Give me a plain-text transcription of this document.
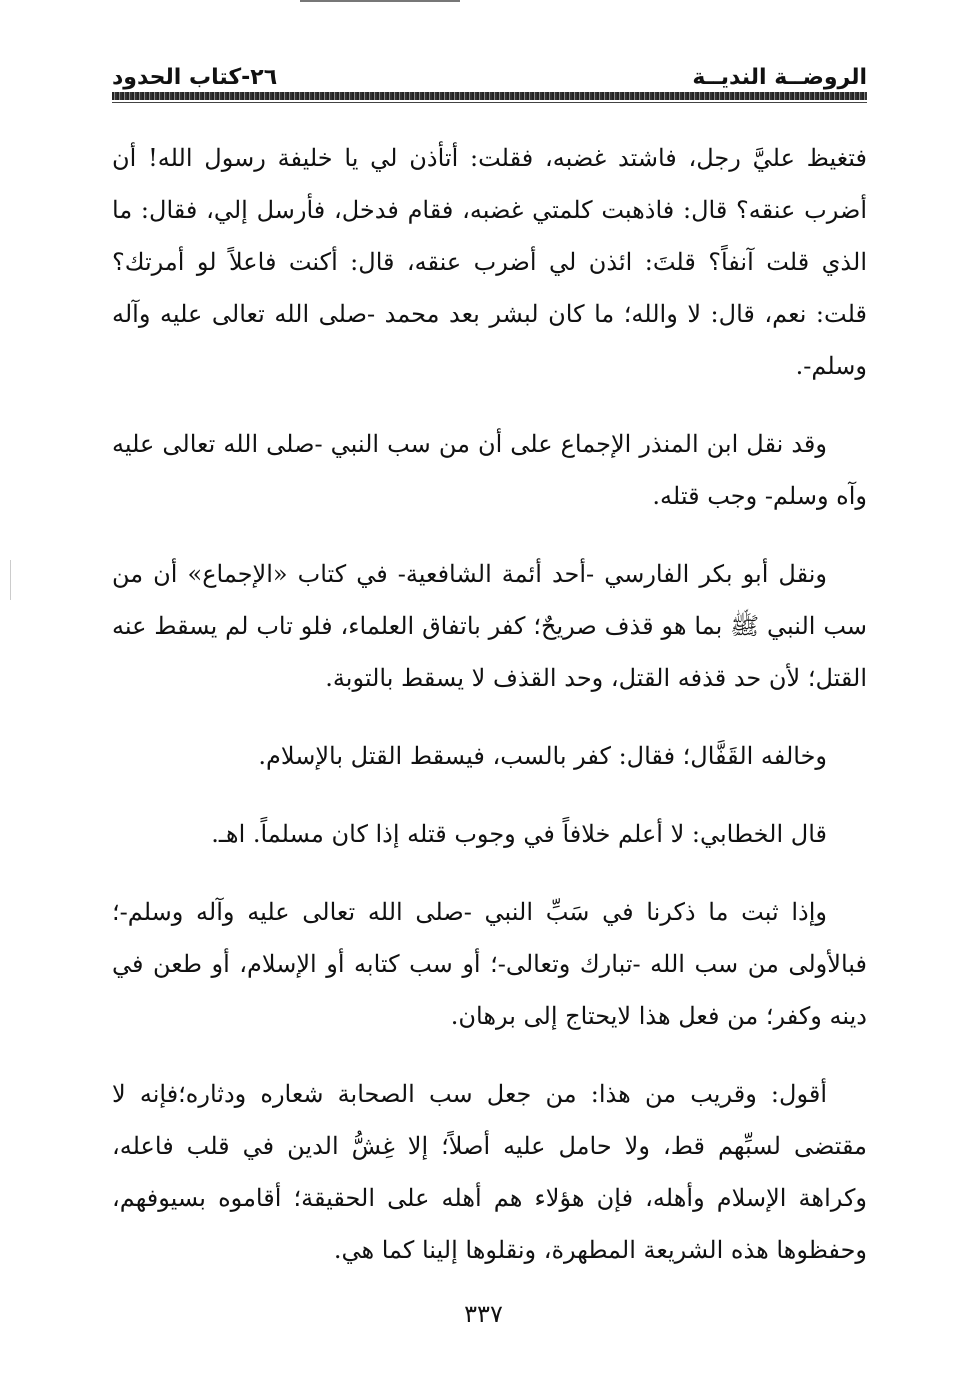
الروضــة النديــة
٢٦-كتاب الحدود

فتغيظ عليَّ رجل، فاشتد غضبه، فقلت: أتأذن لي يا خليفة رسول الله! أن أضرب عنقه؟ قال: فاذهبت كلمتي غضبه، فقام فدخل، فأرسل إلي، فقال: ما الذي قلت آنفاً؟ قلتَ: ائذن لي أضرب عنقه، قال: أكنت فاعلاً لو أمرتك؟ قلت: نعم، قال: لا والله؛ ما كان لبشر بعد محمد -صلى الله تعالى عليه وآله وسلم-.

وقد نقل ابن المنذر الإجماع على أن من سب النبي -صلى الله تعالى عليه وآه وسلم- وجب قتله.

ونقل أبو بكر الفارسي -أحد أئمة الشافعية- في كتاب «الإجماع» أن من سب النبي ﷺ بما هو قذف صريحٌ؛ كفر باتفاق العلماء، فلو تاب لم يسقط عنه القتل؛ لأن حد قذفه القتل، وحد القذف لا يسقط بالتوبة.

وخالفه القَفَّال؛ فقال: كفر بالسب، فيسقط القتل بالإسلام.

قال الخطابي: لا أعلم خلافاً في وجوب قتله إذا كان مسلماً. اهـ.

وإذا ثبت ما ذكرنا في سَبِّ النبي -صلى الله تعالى عليه وآله وسلم-؛ فبالأولى من سب الله -تبارك وتعالى-؛ أو سب كتابه أو الإسلام، أو طعن في دينه وكفر؛ من فعل هذا لايحتاج إلى برهان.

أقول: وقريب من هذا: من جعل سب الصحابة شعاره ودثاره؛فإنه لا مقتضى لسبِّهم قط، ولا حامل عليه أصلاً؛ إلا غِشُّ الدين في قلب فاعله، وكراهة الإسلام وأهله، فإن هؤلاء هم أهله على الحقيقة؛ أقاموه بسيوفهم، وحفظوها هذه الشريعة المطهرة، ونقلوها إلينا كما هي.

٣٣٧
